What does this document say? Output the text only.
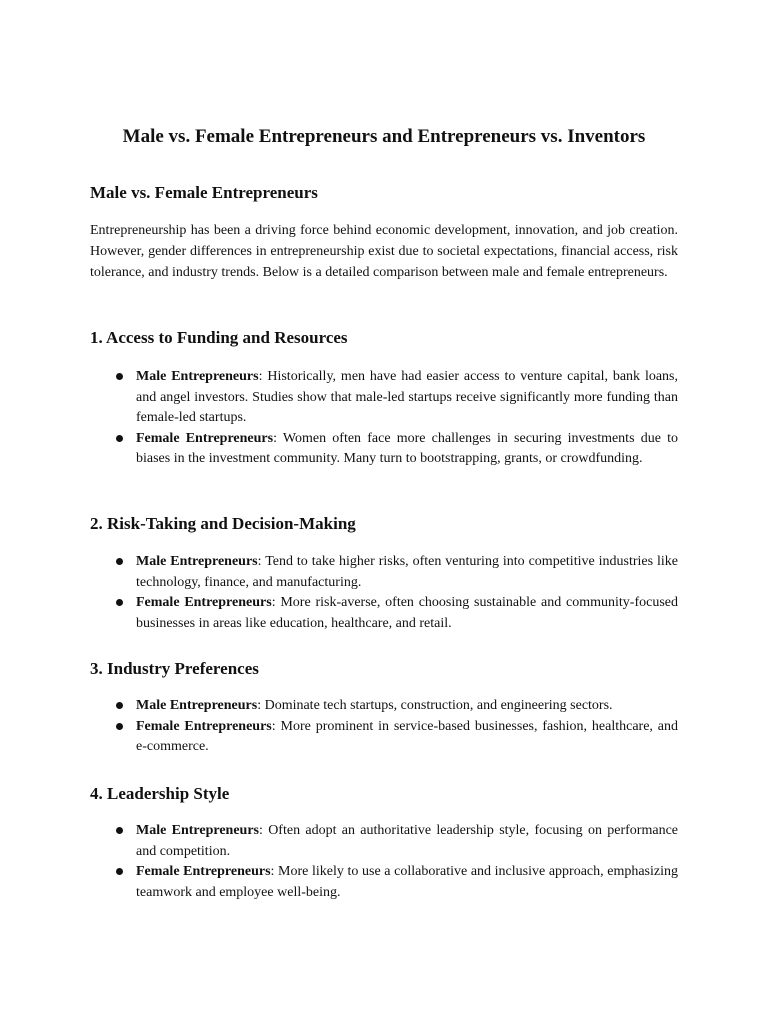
Male vs. Female Entrepreneurs and Entrepreneurs vs. Inventors
Male vs. Female Entrepreneurs

Entrepreneurship has been a driving force behind economic development, innovation, and job creation. However, gender differences in entrepreneurship exist due to societal expectations, financial access, risk tolerance, and industry trends. Below is a detailed comparison between male and female entrepreneurs.

1. Access to Funding and Resources
Male Entrepreneurs: Historically, men have had easier access to venture capital, bank loans, and angel investors. Studies show that male-led startups receive significantly more funding than female-led startups.
Female Entrepreneurs: Women often face more challenges in securing investments due to biases in the investment community. Many turn to bootstrapping, grants, or crowdfunding.
2. Risk-Taking and Decision-Making
Male Entrepreneurs: Tend to take higher risks, often venturing into competitive industries like technology, finance, and manufacturing.
Female Entrepreneurs: More risk-averse, often choosing sustainable and community-focused businesses in areas like education, healthcare, and retail.
3. Industry Preferences
Male Entrepreneurs: Dominate tech startups, construction, and engineering sectors.
Female Entrepreneurs: More prominent in service-based businesses, fashion, healthcare, and e-commerce.
4. Leadership Style
Male Entrepreneurs: Often adopt an authoritative leadership style, focusing on performance and competition.
Female Entrepreneurs: More likely to use a collaborative and inclusive approach, emphasizing teamwork and employee well-being.
